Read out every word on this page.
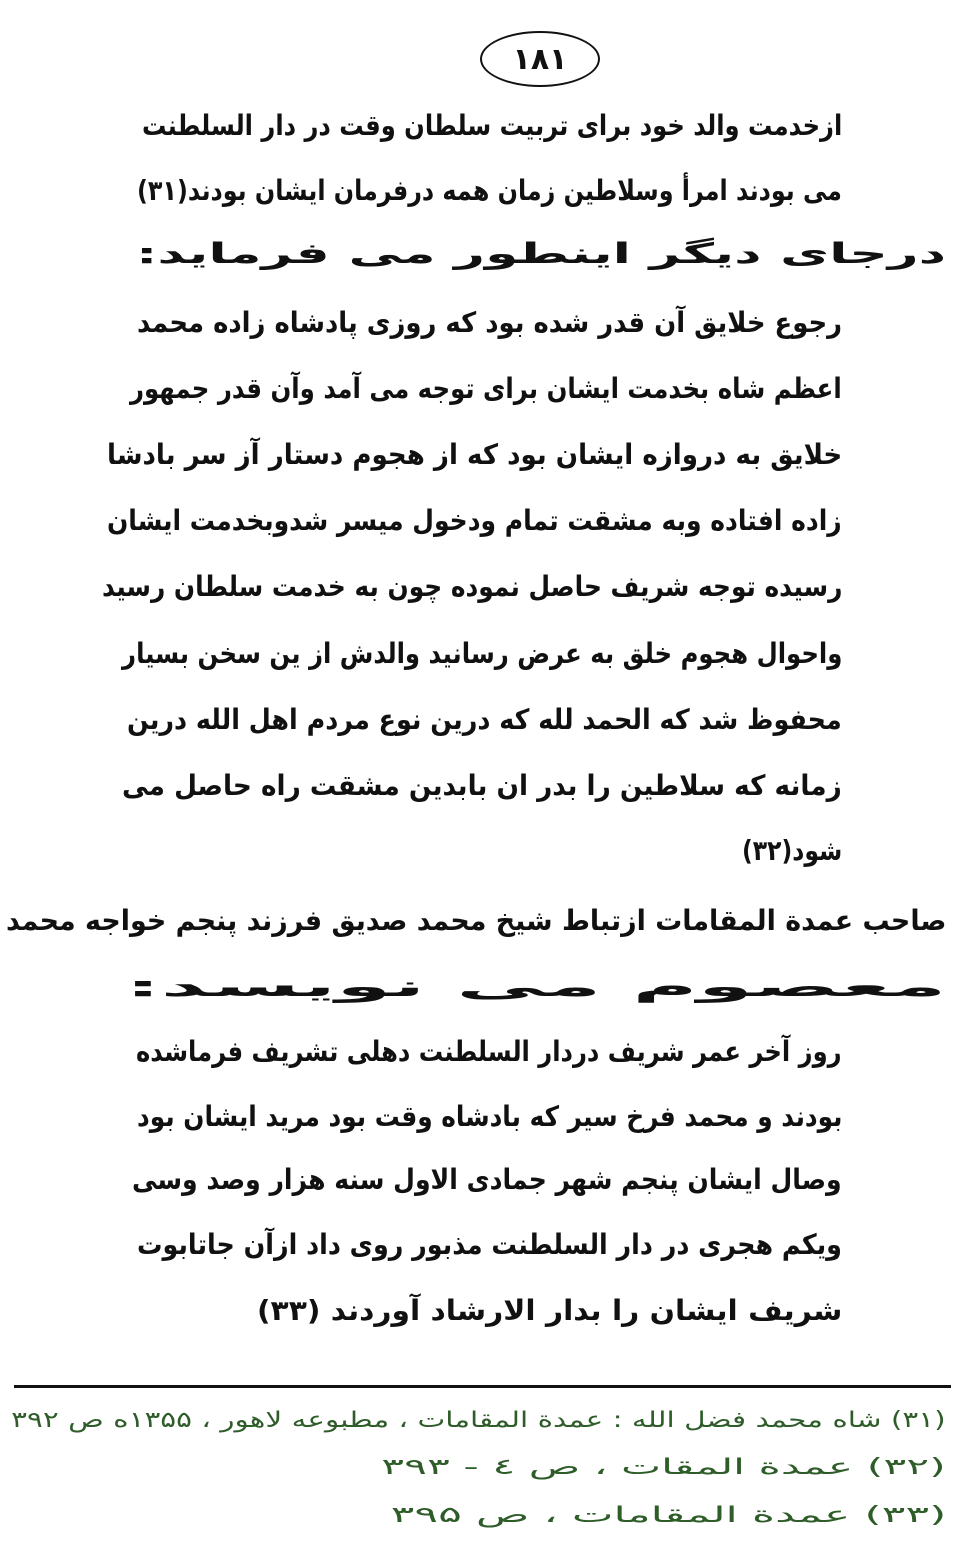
۱۸۱
ازخدمت والد خود برای تربیت سلطان وقت در دار السلطنت
می بودند امرأ وسلاطین زمان همه درفرمان ایشان بودند(۳۱)
درجای دیگر اینطور می فرماید:
رجوع خلایق آن قدر شده بود که روزی پادشاه زاده محمد
اعظم شاه بخدمت ایشان برای توجه می آمد وآن قدر جمهور
خلایق به دروازه ایشان بود که از هجوم دستار آز سر بادشا
زاده افتاده وبه مشقت تمام ودخول میسر شدوبخدمت ایشان
رسیده توجه شریف حاصل نموده چون به خدمت سلطان رسید
واحوال هجوم خلق به عرض رسانید والدش از ین سخن بسیار
محفوظ شد که الحمد لله که درین نوع مردم اهل الله درین
زمانه که سلاطین را بدر ان بابدین مشقت راه حاصل می
شود(۳۲)
صاحب عمدة المقامات ازتباط شیخ محمد صدیق فرزند پنجم خواجه محمد
معصوم می نویسد:
روز آخر عمر شریف دردار السلطنت دهلی تشریف فرماشده
بودند و محمد فرخ سیر که بادشاه وقت بود مرید ایشان بود
وصال ایشان پنجم شهر جمادی الاول سنه هزار وصد وسی
ویکم هجری در دار السلطنت مذبور روی داد ازآن جاتابوت
شریف ایشان را بدار الارشاد آوردند (۳۳)
(۳۱) شاه محمد فضل الله : عمدة المقامات ، مطبوعه لاهور ، ۱۳۵۵ه ص ۳۹۲
(۳۲) عمدة المقات ، ص ٤ - ۳۹۳
(۳۳) عمدة المقامات ، ص ۳۹۵
